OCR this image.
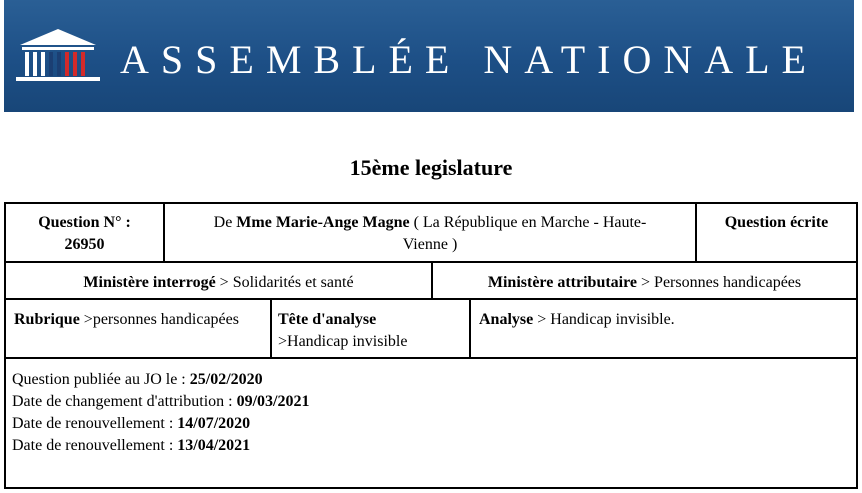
ASSEMBLÉE NATIONALE
15ème legislature
Question N° :
26950
De Mme Marie-Ange Magne ( La République en Marche - Haute-Vienne )
Question écrite
Ministère interrogé > Solidarités et santé	Ministère attributaire > Personnes handicapées
Rubrique >personnes handicapées	Tête d'analyse
>Handicap invisible
Analyse > Handicap invisible.
Question publiée au JO le : 25/02/2020
Date de changement d'attribution : 09/03/2021
Date de renouvellement : 14/07/2020
Date de renouvellement : 13/04/2021
